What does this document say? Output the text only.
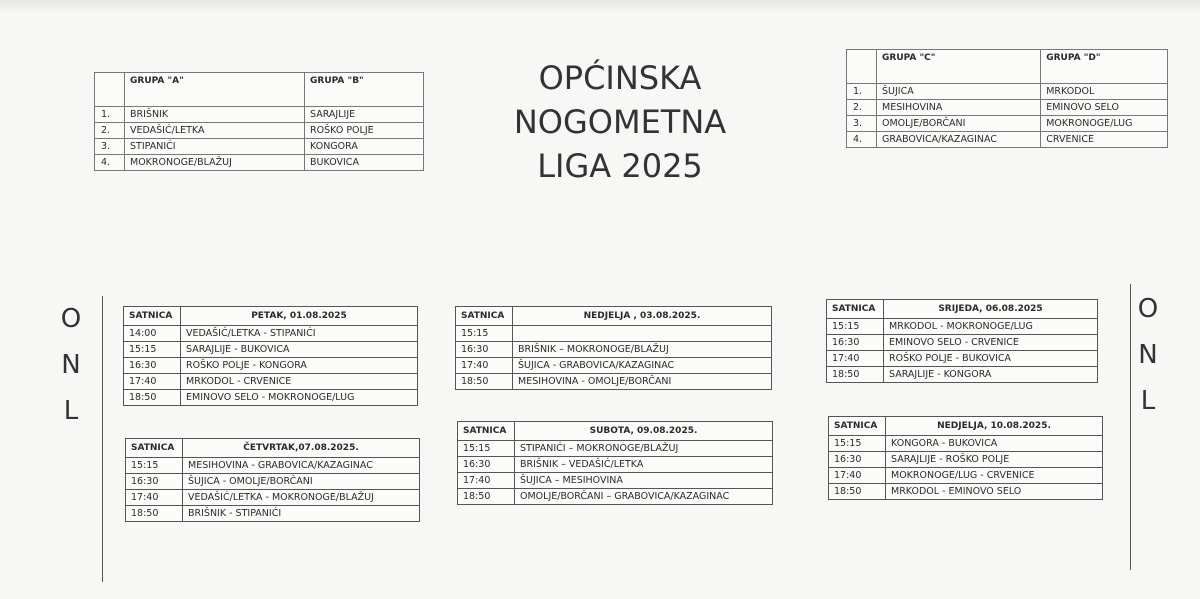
	GRUPA "A"	GRUPA "B"
1.	BRIŠNIK	SARAJLIJE
2.	VEDAŠIĆ/LETKA	ROŠKO POLJE
3.	STIPANIĆI	KONGORA
4.	MOKRONOGE/BLAŽUJ	BUKOVICA
OPĆINSKA
NOGOMETNA
LIGA 2025
	GRUPA "C"	GRUPA "D"
1.	ŠUJICA	MRKODOL
2.	MESIHOVINA	EMINOVO SELO
3.	OMOLJE/BORČANI	MOKRONOGE/LUG
4.	GRABOVICA/KAZAGINAC	CRVENICE
O
N
L
O
N
L
SATNICA	PETAK, 01.08.2025
14:00	VEDAŠIĆ/LETKA - STIPANIĆI
15:15	SARAJLIJE - BUKOVICA
16:30	ROŠKO POLJE - KONGORA
17:40	MRKODOL - CRVENICE
18:50	EMINOVO SELO - MOKRONOGE/LUG
SATNICA	ČETVRTAK,07.08.2025.
15:15	MESIHOVINA - GRABOVICA/KAZAGINAC
16:30	ŠUJICA - OMOLJE/BORČANI
17:40	VEDAŠIĆ/LETKA - MOKRONOGE/BLAŽUJ
18:50	BRIŠNIK - STIPANIĆI
SATNICA	NEDJELJA , 03.08.2025.
15:15	
16:30	BRIŠNIK – MOKRONOGE/BLAŽUJ
17:40	ŠUJICA - GRABOVICA/KAZAGINAC
18:50	MESIHOVINA - OMOLJE/BORČANI
SATNICA	SUBOTA, 09.08.2025.
15:15	STIPANIĆI – MOKRONOGE/BLAŽUJ
16:30	BRIŠNIK – VEDAŠIĆ/LETKA
17:40	ŠUJICA – MESIHOVINA
18:50	OMOLJE/BORČANI – GRABOVICA/KAZAGINAC
SATNICA	SRIJEDA, 06.08.2025
15:15	MRKODOL - MOKRONOGE/LUG
16:30	EMINOVO SELO - CRVENICE
17:40	ROŠKO POLJE - BUKOVICA
18:50	SARAJLIJE - KONGORA
SATNICA	NEDJELJA, 10.08.2025.
15:15	KONGORA - BUKOVICA
16:30	SARAJLIJE - ROŠKO POLJE
17:40	MOKRONOGE/LUG - CRVENICE
18:50	MRKODOL - EMINOVO SELO
